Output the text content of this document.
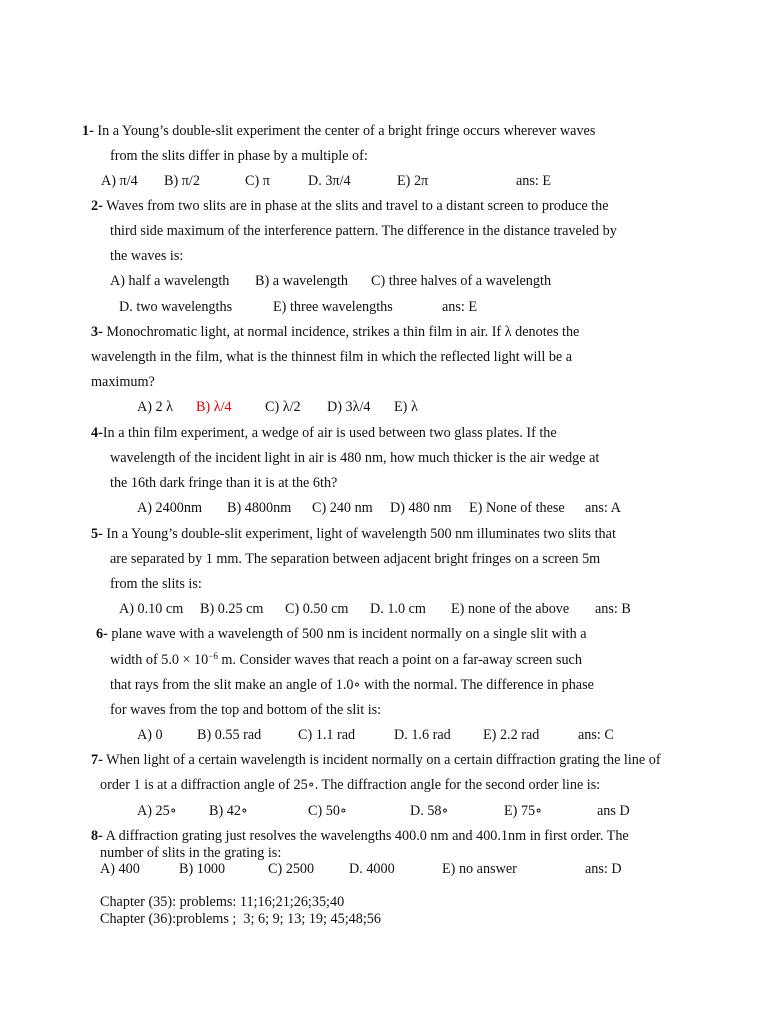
1- In a Young’s double-slit experiment the center of a bright fringe occurs wherever waves
from the slits differ in phase by a multiple of:
A) π/4 B) π/2	C) π	D. 3π/4	E) 2π	ans: E
2- Waves from two slits are in phase at the slits and travel to a distant screen to produce the
third side maximum of the interference pattern. The difference in the distance traveled by
the waves is:
A) half a wavelength B) a wavelength C) three halves of a wavelength
D. two wavelengths	E) three wavelengths	ans: E
3- Monochromatic light, at normal incidence, strikes a thin film in air. If λ denotes the
wavelength in the film, what is the thinnest film in which the reflected light will be a
maximum?
A) 2 λ B) λ/4 C) λ/2 D) 3λ/4 E) λ
4-In a thin film experiment, a wedge of air is used between two glass plates. If the
wavelength of the incident light in air is 480 nm, how much thicker is the air wedge at
the 16th dark fringe than it is at the 6th?
A) 2400nm B) 4800nm C) 240 nm D) 480 nm E) None of these ans: A
5- In a Young’s double-slit experiment, light of wavelength 500 nm illuminates two slits that
are separated by 1 mm. The separation between adjacent bright fringes on a screen 5m
from the slits is:
A) 0.10 cm B) 0.25 cm C) 0.50 cm D. 1.0 cm E) none of the above ans: B
6- plane wave with a wavelength of 500 nm is incident normally on a single slit with a
width of $5.0 \times 10^{-6}$ m. Consider waves that reach a point on a far-away screen such
that rays from the slit make an angle of 1.0∘ with the normal. The difference in phase
for waves from the top and bottom of the slit is:
A) 0 B) 0.55 rad	C) 1.1 rad	D. 1.6 rad E) 2.2 rad	ans: C
7- When light of a certain wavelength is incident normally on a certain diffraction grating the line of
order 1 is at a diffraction angle of 25∘. The diffraction angle for the second order line is:
A) 25∘ B) 42∘	C) 50∘	D. 58∘	E) 75∘	ans D
8- A diffraction grating just resolves the wavelengths 400.0 nm and 400.1nm in first order. The
number of slits in the grating is:
A) 400	B) 1000	C) 2500 D. 4000	E) no answer	ans: D
Chapter (35): problems: 11;16;21;26;35;40
Chapter (36):problems ;  3; 6; 9; 13; 19; 45;48;56
